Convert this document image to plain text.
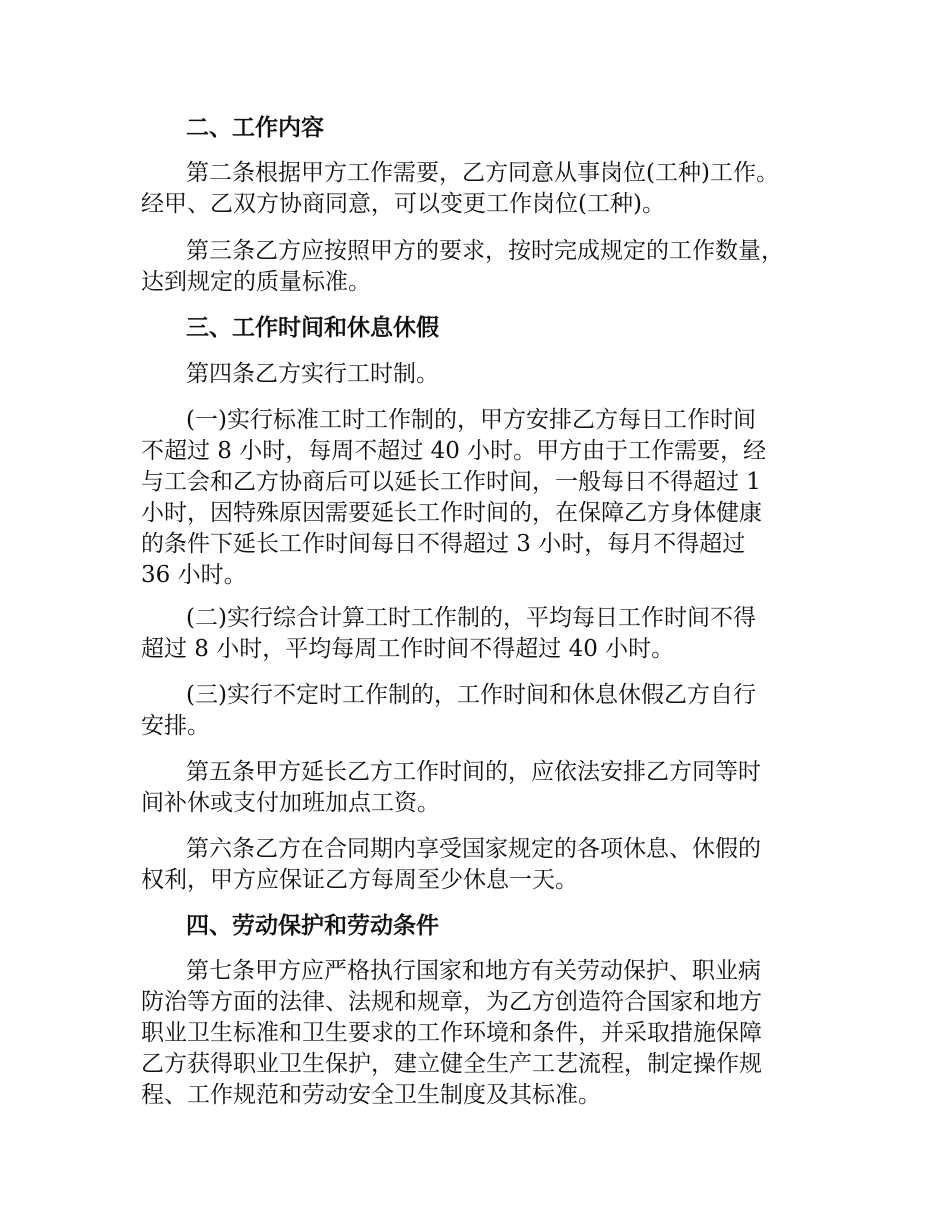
二、工作内容

第二条根据甲方工作需要，乙方同意从事岗位(工种)工作。
经甲、乙双方协商同意，可以变更工作岗位(工种)。

第三条乙方应按照甲方的要求，按时完成规定的工作数量，
达到规定的质量标准。

三、工作时间和休息休假

第四条乙方实行工时制。

(一)实行标准工时工作制的，甲方安排乙方每日工作时间
不超过 8 小时，每周不超过 40 小时。甲方由于工作需要，经
与工会和乙方协商后可以延长工作时间，一般每日不得超过 1
小时，因特殊原因需要延长工作时间的，在保障乙方身体健康
的条件下延长工作时间每日不得超过 3 小时，每月不得超过
36 小时。

(二)实行综合计算工时工作制的，平均每日工作时间不得
超过 8 小时，平均每周工作时间不得超过 40 小时。

(三)实行不定时工作制的，工作时间和休息休假乙方自行
安排。

第五条甲方延长乙方工作时间的，应依法安排乙方同等时
间补休或支付加班加点工资。

第六条乙方在合同期内享受国家规定的各项休息、休假的
权利，甲方应保证乙方每周至少休息一天。

四、劳动保护和劳动条件

第七条甲方应严格执行国家和地方有关劳动保护、职业病
防治等方面的法律、法规和规章，为乙方创造符合国家和地方
职业卫生标准和卫生要求的工作环境和条件，并采取措施保障
乙方获得职业卫生保护，建立健全生产工艺流程，制定操作规
程、工作规范和劳动安全卫生制度及其标准。
